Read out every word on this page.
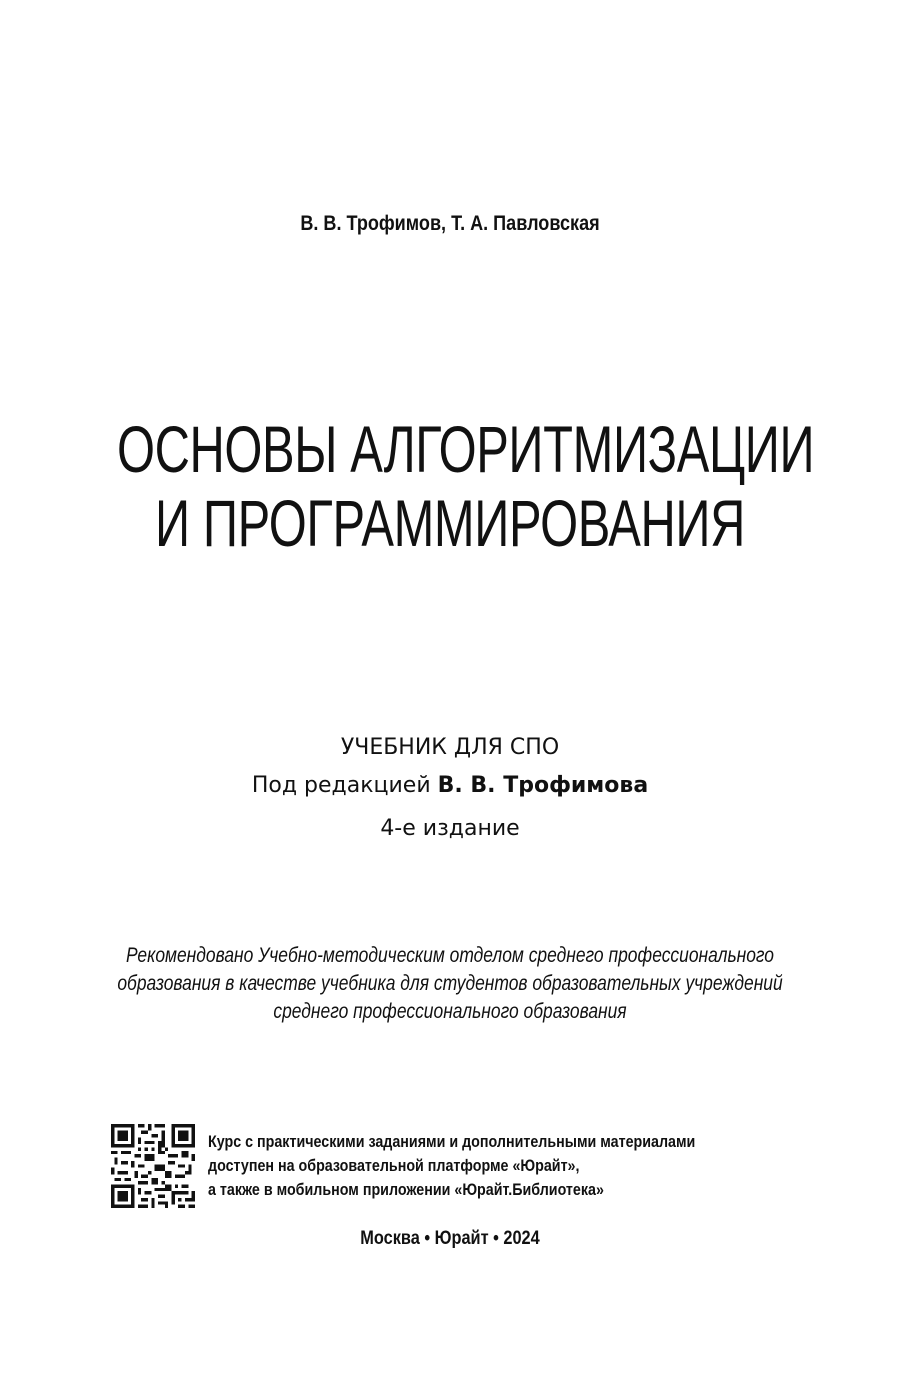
В. В. Трофимов, Т. А. Павловская
ОСНОВЫ АЛГОРИТМИЗАЦИИ
И ПРОГРАММИРОВАНИЯ
УЧЕБНИК ДЛЯ СПО
Под редакцией В. В. Трофимова
4-е издание
Рекомендовано Учебно-методическим отделом среднего профессионального
образования в качестве учебника для студентов образовательных учреждений
среднего профессионального образования
Курс с практическими заданиями и дополнительными материалами
доступен на образовательной платформе «Юрайт»,
а также в мобильном приложении «Юрайт.Библиотека»
Москва • Юрайт • 2024
